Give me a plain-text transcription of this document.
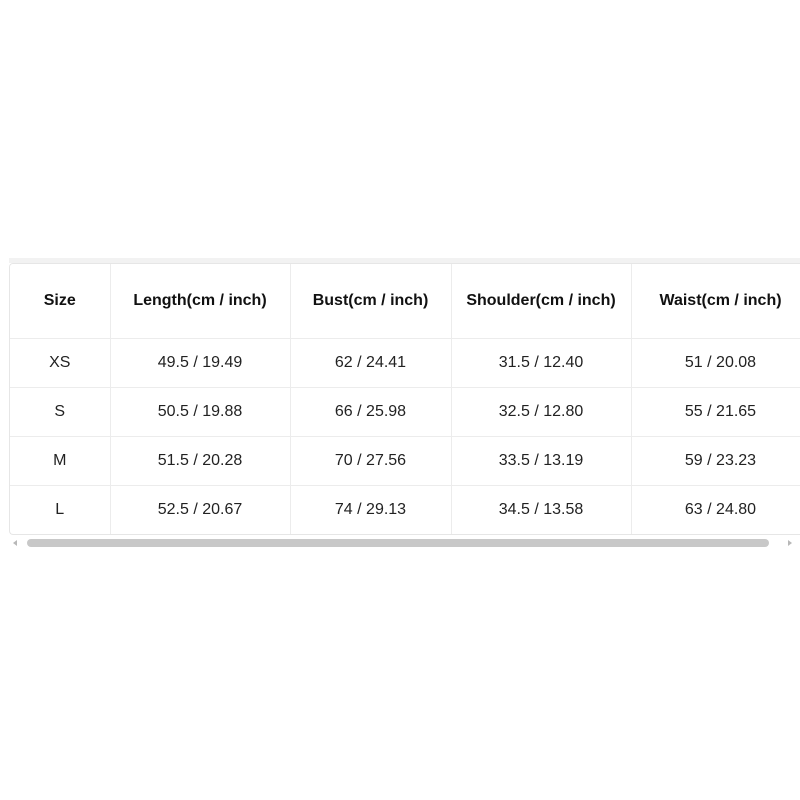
Size	Length(cm / inch)	Bust(cm / inch)	Shoulder(cm / inch)	Waist(cm / inch)
XS	49.5 / 19.49	62 / 24.41	31.5 / 12.40	51 / 20.08
S	50.5 / 19.88	66 / 25.98	32.5 / 12.80	55 / 21.65
M	51.5 / 20.28	70 / 27.56	33.5 / 13.19	59 / 23.23
L	52.5 / 20.67	74 / 29.13	34.5 / 13.58	63 / 24.80
